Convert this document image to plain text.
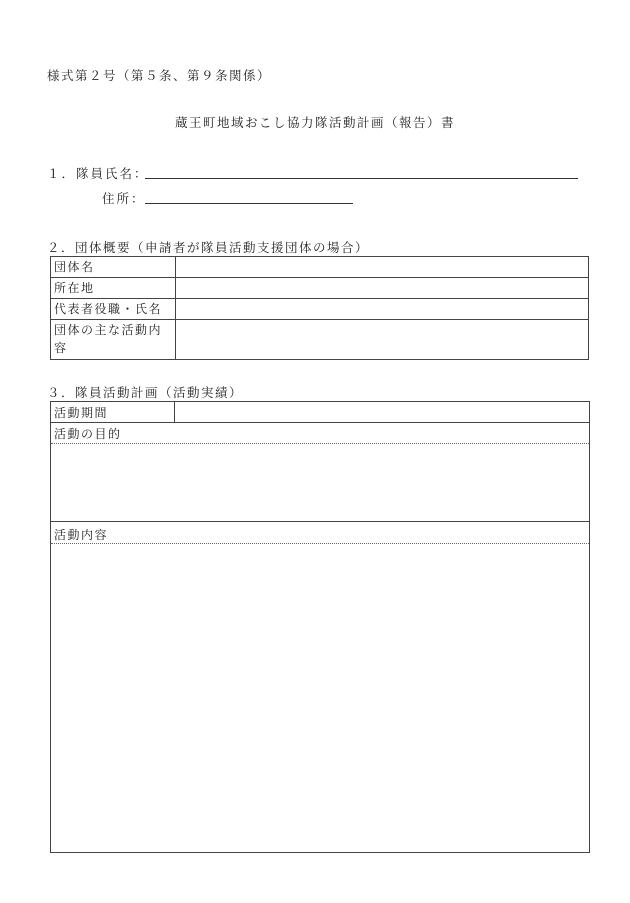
様式第２号（第５条、第９条関係）
蔵王町地域おこし協力隊活動計画（報告）書
１．隊員氏名：
住所：
２．団体概要（申請者が隊員活動支援団体の場合）
団体名	
所在地	
代表者役職・氏名	
団体の主な活動内容	
３．隊員活動計画（活動実績）
活動期間
活動の目的
活動内容
